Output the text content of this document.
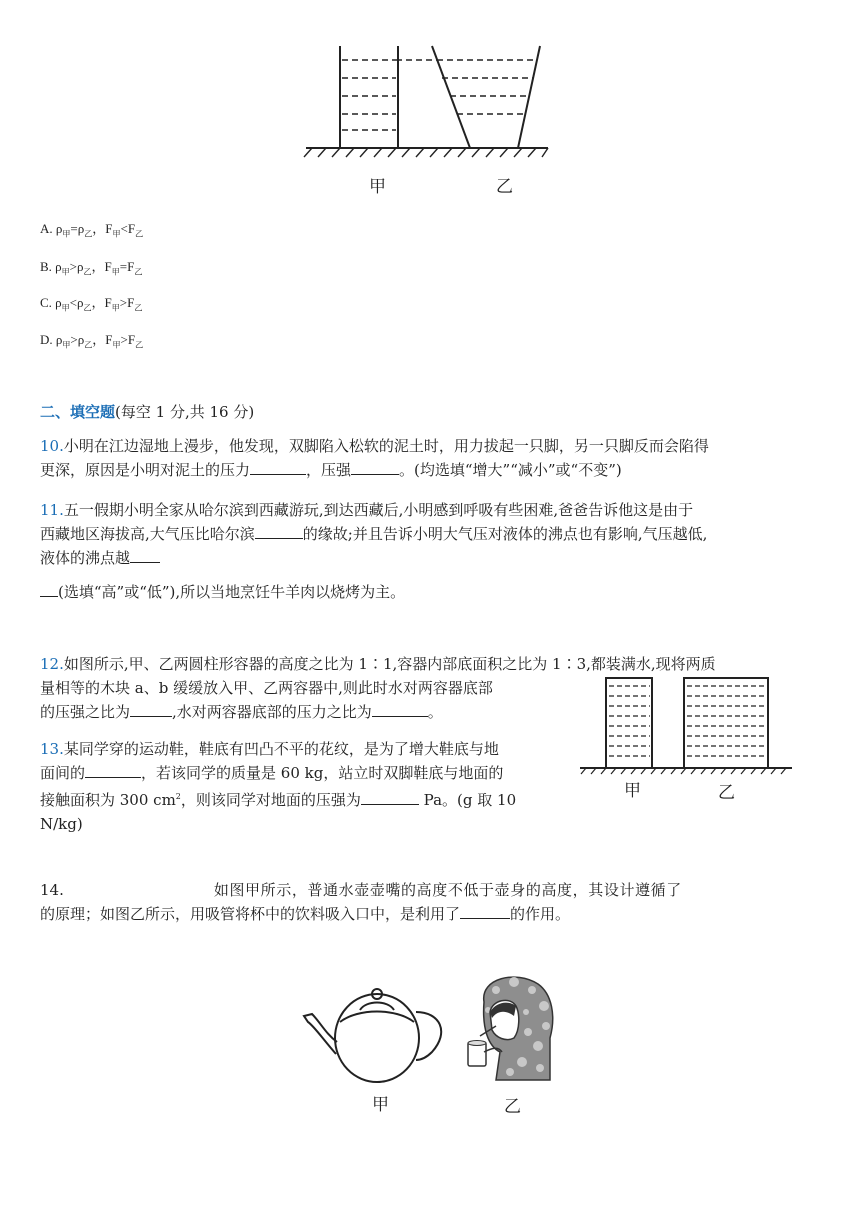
甲	乙
A. $\rho_甲=\rho_乙$，$F_甲<F_乙$
B. $\rho_甲>\rho_乙$，$F_甲=F_乙$
C. $\rho_甲<\rho_乙$，$F_甲>F_乙$
D. $\rho_甲>\rho_乙$，$F_甲>F_乙$
二、填空题(每空 1 分,共 16 分)
10.小明在江边湿地上漫步，他发现，双脚陷入松软的泥土时，用力拔起一只脚，另一只脚反而会陷得
更深，原因是小明对泥土的压力	，压强	。(均选填“增大”“减小”或“不变”)
11.五一假期小明全家从哈尔滨到西藏游玩,到达西藏后,小明感到呼吸有些困难,爸爸告诉他这是由于
西藏地区海拔高,大气压比哈尔滨	的缘故;并且告诉小明大气压对液体的沸点也有影响,气压越低,
液体的沸点越
(选填“高”或“低”),所以当地烹饪牛羊肉以烧烤为主。
12.如图所示,甲、乙两圆柱形容器的高度之比为 1∶1,容器内部底面积之比为 1∶3,都装满水,现将两质
量相等的木块 a、b 缓缓放入甲、乙两容器中,则此时水对两容器底部
的压强之比为	,水对两容器底部的压力之比为	。
13.某同学穿的运动鞋，鞋底有凹凸不平的花纹，是为了增大鞋底与地
面间的	，若该同学的质量是 60 kg，站立时双脚鞋底与地面的
接触面积为 300 $cm^2$，则该同学对地面的压强为	Pa。(g 取 10
N/kg)
甲	乙
14.	如图甲所示，普通水壶壶嘴的高度不低于壶身的高度，其设计遵循了
的原理；如图乙所示，用吸管将杯中的饮料吸入口中，是利用了	的作用。
甲	乙
